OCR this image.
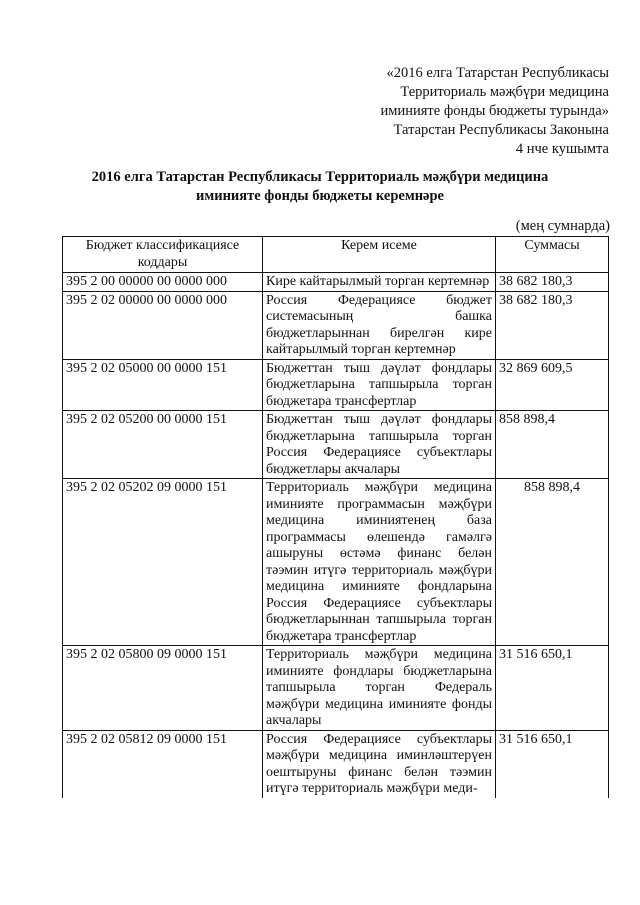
«2016 елга Татарстан Республикасы
Территориаль мәҗбүри медицина
иминияте фонды бюджеты турында»
Татарстан Республикасы Законына
4 нче кушымта
2016 елга Татарстан Республикасы Территориаль мәҗбүри медицина
иминияте фонды бюджеты керемнәре
(мең сумнарда)
Бюджет классификациясе коддары	Керем исеме	Суммасы
395 2 00 00000 00 0000 000	Кире кайтарылмый торган кертемнәр	38 682 180,3
395 2 02 00000 00 0000 000	Россия Федерациясе бюджет системасының башка бюджетларыннан бирелгән кире кайтарылмый торган кертемнәр	38 682 180,3
395 2 02 05000 00 0000 151	Бюджеттан тыш дәүләт фондлары бюджетларына тапшырыла торган бюджетара трансфертлар	32 869 609,5
395 2 02 05200 00 0000 151	Бюджеттан тыш дәүләт фондлары бюджетларына тапшырыла торган Россия Федерациясе субъектлары бюджетлары акчалары	858 898,4
395 2 02 05202 09 0000 151	Территориаль мәҗбүри медицина иминияте программасын мәҗбүри медицина иминиятенең база программасы өлешендә гамәлгә ашыруны өстәмә финанс белән тәэмин итүгә территориаль мәҗбүри медицина иминияте фондларына Россия Федерациясе субъектлары бюджетларыннан тапшырыла торган бюджетара трансфертлар	858 898,4
395 2 02 05800 09 0000 151	Территориаль мәҗбүри медицина иминияте фондлары бюджетларына тапшырыла торган Федераль мәҗбүри медицина иминияте фонды акчалары	31 516 650,1
395 2 02 05812 09 0000 151	Россия Федерациясе субъектлары мәҗбүри медицина иминләштерүен оештыруны финанс белән тәэмин итүгә территориаль мәҗбүри меди-	31 516 650,1
